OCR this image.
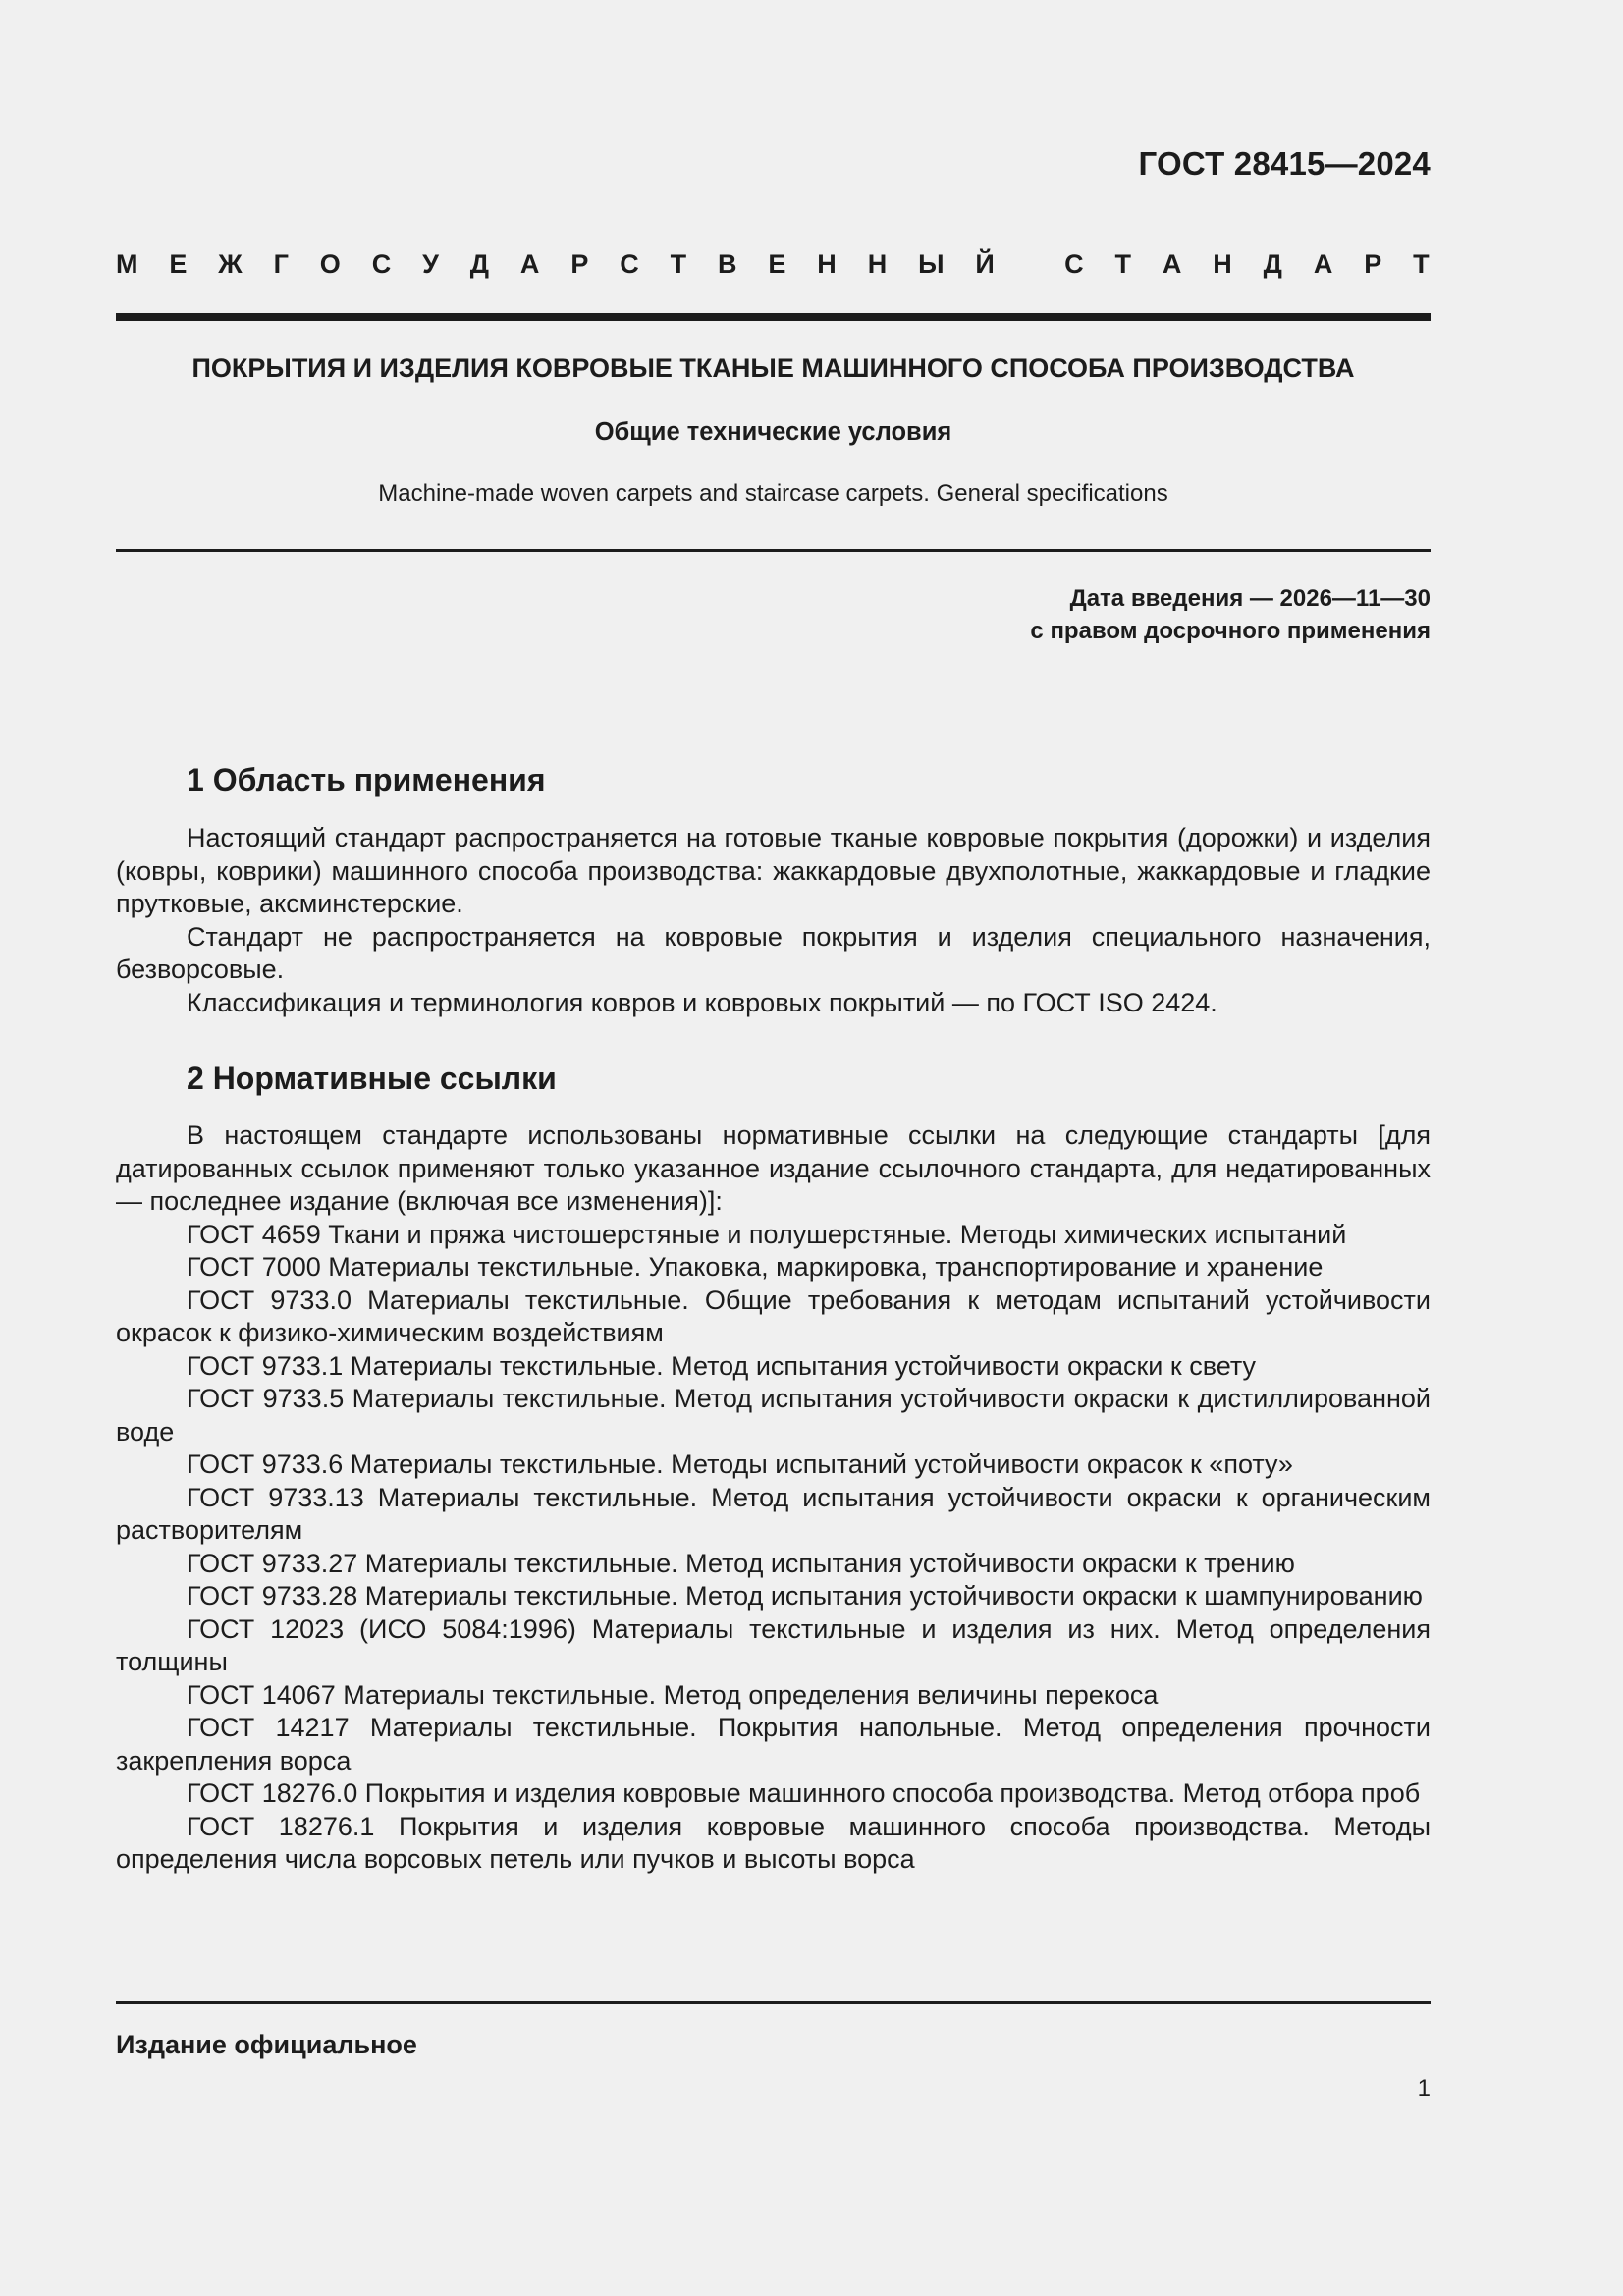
ГОСТ 28415—2024
М Е Ж Г О С У Д А Р С Т В Е Н Н Ы Й
	С Т А Н Д А Р Т
ПОКРЫТИЯ И ИЗДЕЛИЯ КОВРОВЫЕ ТКАНЫЕ МАШИННОГО СПОСОБА ПРОИЗВОДСТВА
Общие технические условия
Machine-made woven carpets and staircase carpets. General specifications
Дата введения — 2026—11—30
с правом досрочного применения
1 Область применения

Настоящий стандарт распространяется на готовые тканые ковровые покрытия (дорожки) и изделия (ковры, коврики) машинного способа производства: жаккардовые двухполотные, жаккардовые и гладкие прутковые, аксминстерские.

Стандарт не распространяется на ковровые покрытия и изделия специального назначения, безворсовые.

Классификация и терминология ковров и ковровых покрытий — по ГОСТ ISO 2424.

2 Нормативные ссылки

В настоящем стандарте использованы нормативные ссылки на следующие стандарты [для датированных ссылок применяют только указанное издание ссылочного стандарта, для недатированных — последнее издание (включая все изменения)]:

ГОСТ 4659 Ткани и пряжа чистошерстяные и полушерстяные. Методы химических испытаний

ГОСТ 7000 Материалы текстильные. Упаковка, маркировка, транспортирование и хранение

ГОСТ 9733.0 Материалы текстильные. Общие требования к методам испытаний устойчивости окрасок к физико-химическим воздействиям

ГОСТ 9733.1 Материалы текстильные. Метод испытания устойчивости окраски к свету

ГОСТ 9733.5 Материалы текстильные. Метод испытания устойчивости окраски к дистиллированной воде

ГОСТ 9733.6 Материалы текстильные. Методы испытаний устойчивости окрасок к «поту»

ГОСТ 9733.13 Материалы текстильные. Метод испытания устойчивости окраски к органическим растворителям

ГОСТ 9733.27 Материалы текстильные. Метод испытания устойчивости окраски к трению

ГОСТ 9733.28 Материалы текстильные. Метод испытания устойчивости окраски к шампунированию

ГОСТ 12023 (ИСО 5084:1996) Материалы текстильные и изделия из них. Метод определения толщины

ГОСТ 14067 Материалы текстильные. Метод определения величины перекоса

ГОСТ 14217 Материалы текстильные. Покрытия напольные. Метод определения прочности закрепления ворса

ГОСТ 18276.0 Покрытия и изделия ковровые машинного способа производства. Метод отбора проб

ГОСТ 18276.1 Покрытия и изделия ковровые машинного способа производства. Методы определения числа ворсовых петель или пучков и высоты ворса

Издание официальное
1
